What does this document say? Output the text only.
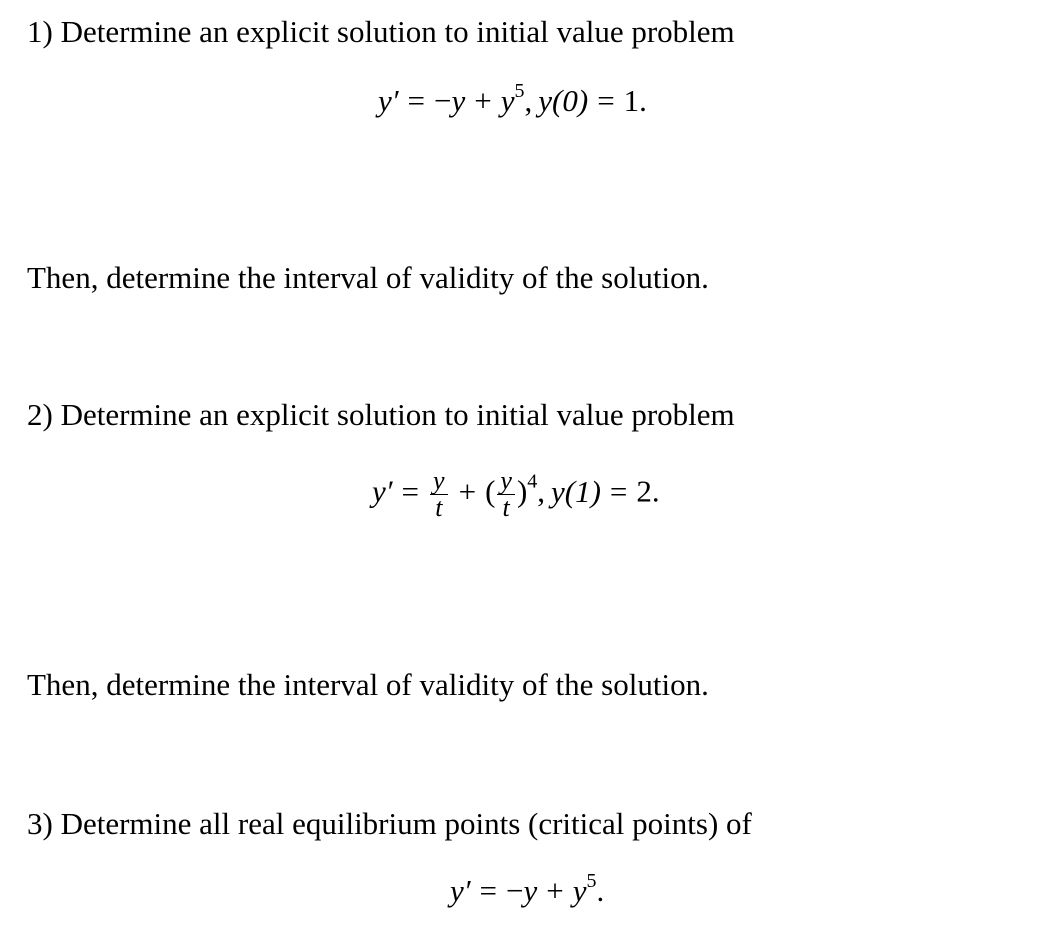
1) Determine an explicit solution to initial value problem
$y' = -y + y^5$, y(0) = 1.
Then, determine the interval of validity of the solution.
2) Determine an explicit solution to initial value problem
$y' = \frac{y}{t}$ + ( $\frac{y}{t} )^4$, y(1) = 2.
Then, determine the interval of validity of the solution.
3) Determine all real equilibrium points (critical points) of
$y' = -y + y^5$.
